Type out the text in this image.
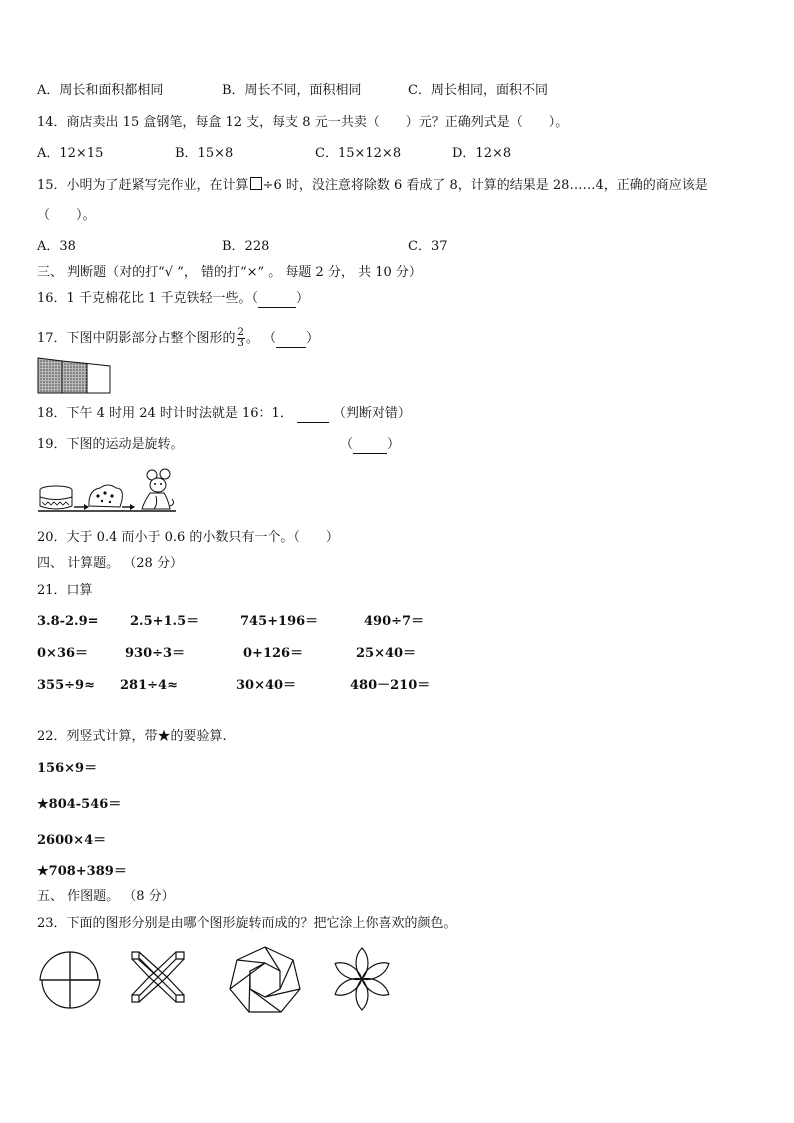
A．周长和面积都相同	B．周长不同，面积相同	C．周长相同，面积不同
14．商店卖出 15 盒钢笔，每盒 12 支，每支 8 元一共卖（　　）元？正确列式是（　　）。
A．12×15	B．15×8	C．15×12×8	D．12×8
15．小明为了赶紧写完作业，在计算 ÷6 时，没注意将除数 6 看成了 8，计算的结果是 28……4，正确的商应该是
（　　）。
A．38	B．228	C．37
三、 判断题（对的打“√ ”， 错的打“×” 。 每题 2 分， 共 10 分）
16．1 千克棉花比 1 千克铁轻一些。（	）
17．下图中阴影部分占整个图形的 $\frac{2}{3}$ 。 （ ）
18．下午 4 时用 24 时计时法就是 16：1．	（判断对错）
19．下图的运动是旋转。	（	）
20．大于 0.4 而小于 0.6 的小数只有一个。（　　）
四、 计算题。 （28 分）
21．口算
3.8-2.9= 2.5+1.5＝	745+196＝	490÷7＝
0×36＝	930÷3＝	0+126＝	25×40＝
355÷9≈ 281÷4≈	30×40＝	480－210＝
22．列竖式计算，带★的要验算.
156×9＝
★804-546＝
2600×4＝
★708+389＝
五、 作图题。 （8 分）
23．下面的图形分别是由哪个图形旋转而成的？把它涂上你喜欢的颜色。
